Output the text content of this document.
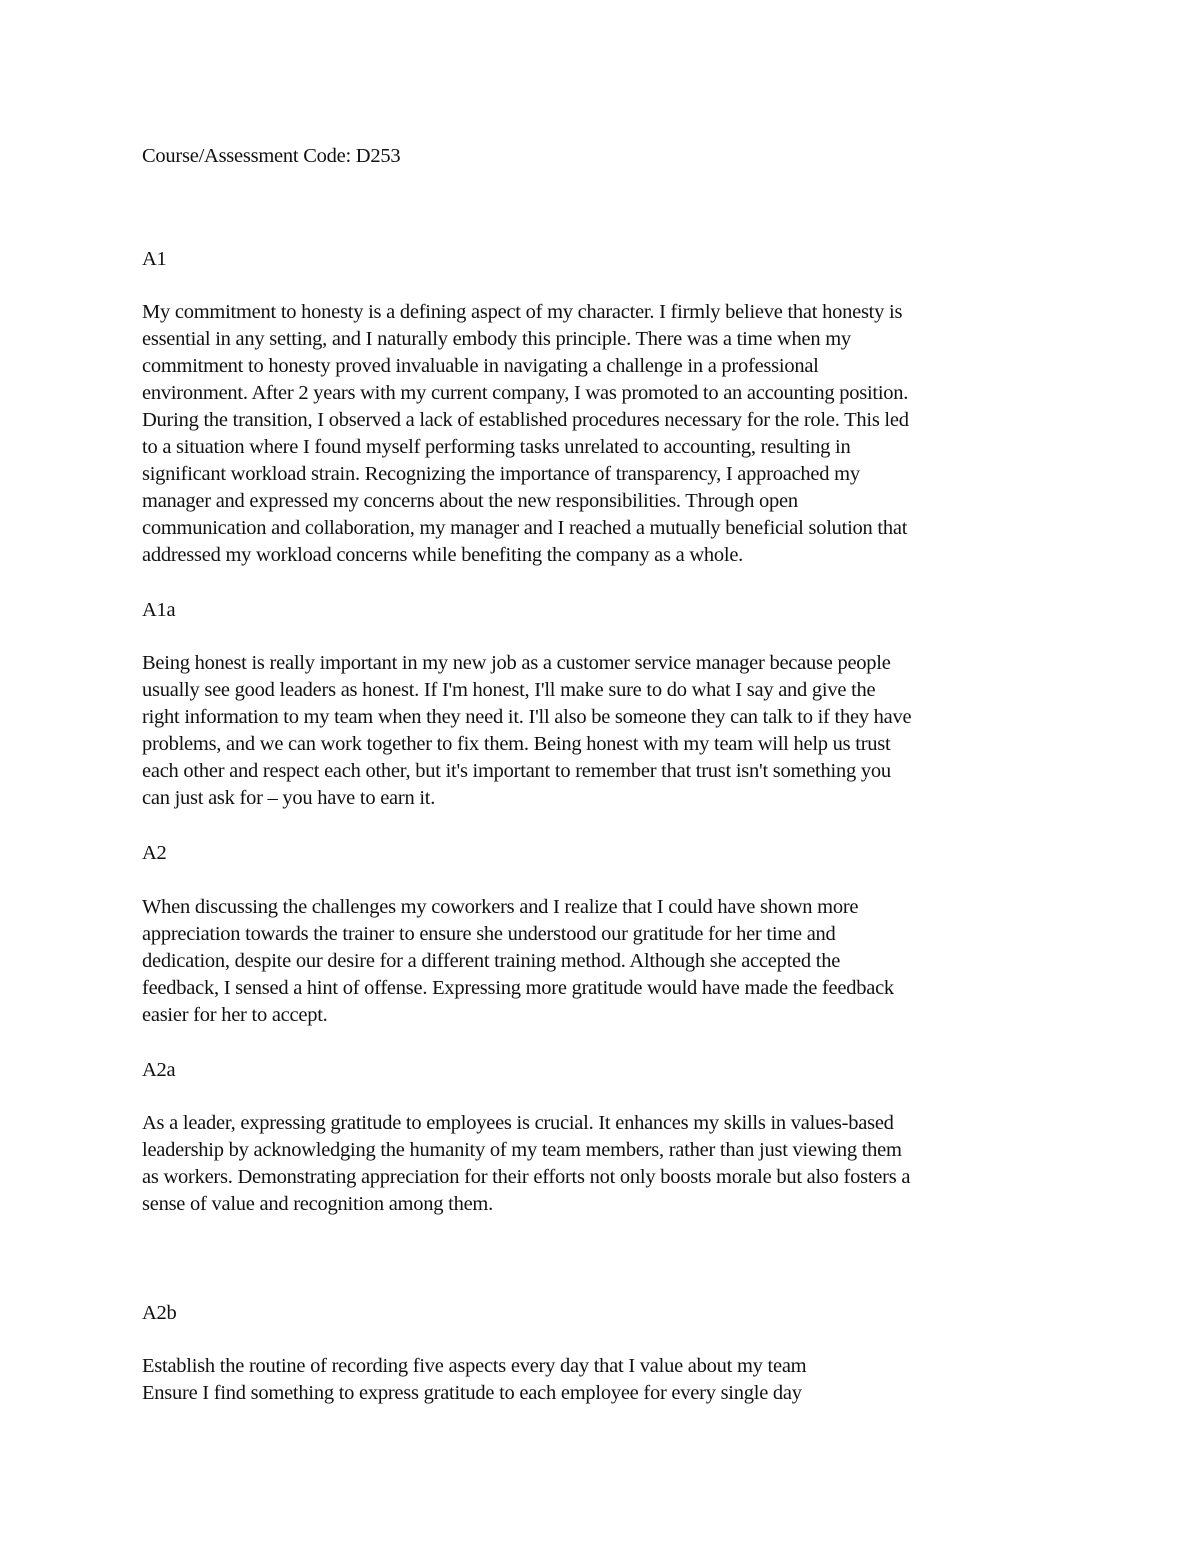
Course/Assessment Code: D253

A1

My commitment to honesty is a defining aspect of my character. I firmly believe that honesty is
essential in any setting, and I naturally embody this principle. There was a time when my
commitment to honesty proved invaluable in navigating a challenge in a professional
environment. After 2 years with my current company, I was promoted to an accounting position.
During the transition, I observed a lack of established procedures necessary for the role. This led
to a situation where I found myself performing tasks unrelated to accounting, resulting in
significant workload strain. Recognizing the importance of transparency, I approached my
manager and expressed my concerns about the new responsibilities. Through open
communication and collaboration, my manager and I reached a mutually beneficial solution that
addressed my workload concerns while benefiting the company as a whole.

A1a

Being honest is really important in my new job as a customer service manager because people
usually see good leaders as honest. If I'm honest, I'll make sure to do what I say and give the
right information to my team when they need it. I'll also be someone they can talk to if they have
problems, and we can work together to fix them. Being honest with my team will help us trust
each other and respect each other, but it's important to remember that trust isn't something you
can just ask for – you have to earn it.

A2

When discussing the challenges my coworkers and I realize that I could have shown more
appreciation towards the trainer to ensure she understood our gratitude for her time and
dedication, despite our desire for a different training method. Although she accepted the
feedback, I sensed a hint of offense. Expressing more gratitude would have made the feedback
easier for her to accept.

A2a

As a leader, expressing gratitude to employees is crucial. It enhances my skills in values-based
leadership by acknowledging the humanity of my team members, rather than just viewing them
as workers. Demonstrating appreciation for their efforts not only boosts morale but also fosters a
sense of value and recognition among them.

A2b

Establish the routine of recording five aspects every day that I value about my team
Ensure I find something to express gratitude to each employee for every single day
